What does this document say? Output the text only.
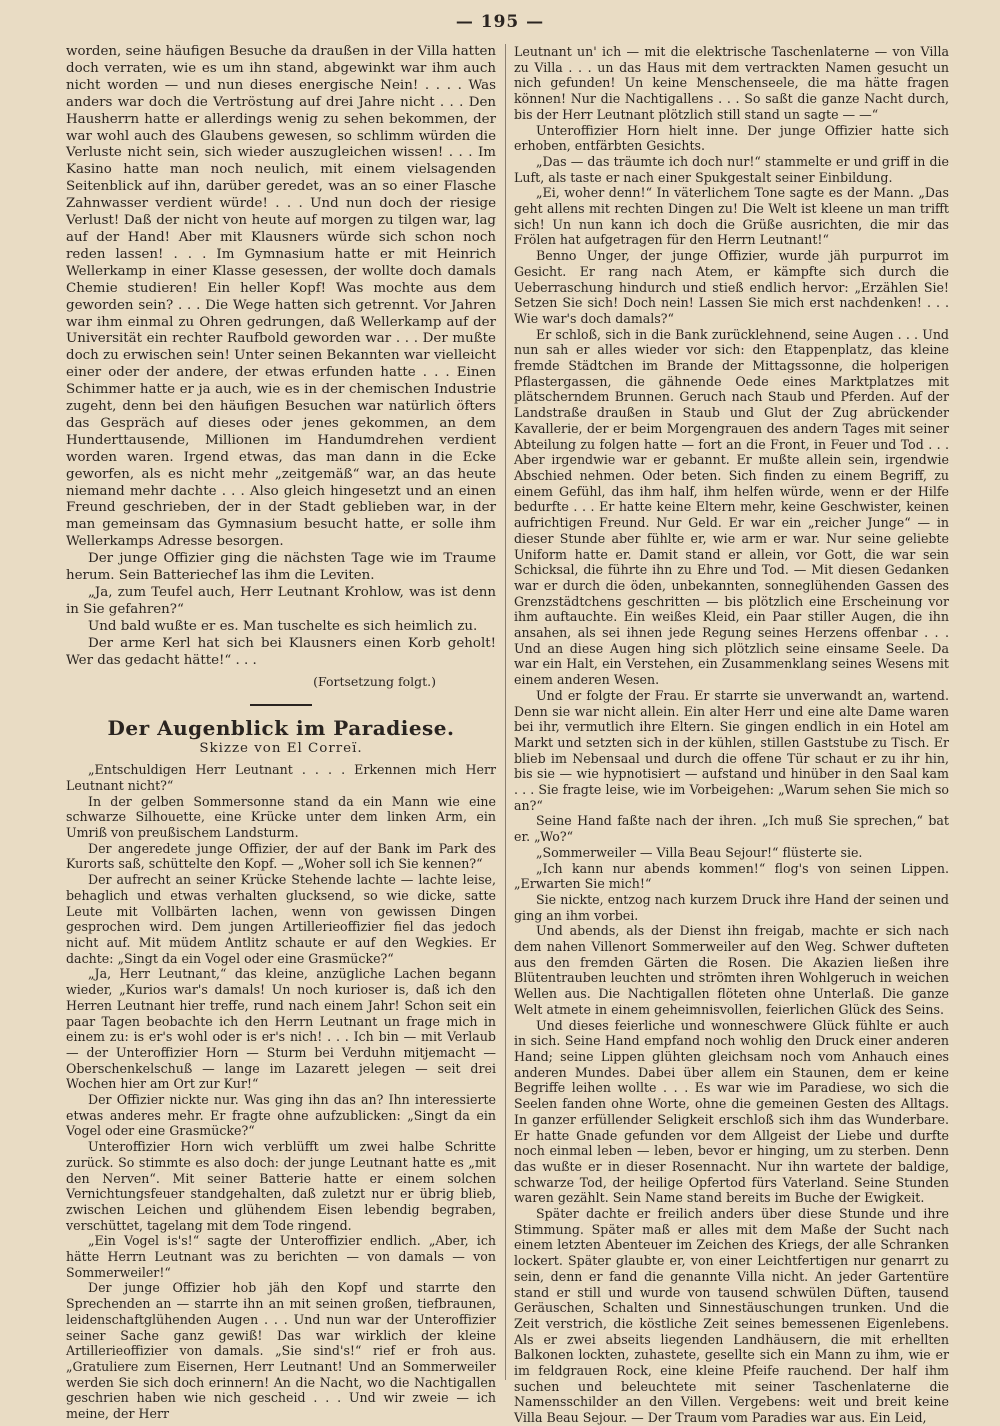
— 195 —

worden, seine häufigen Besuche da draußen in der Villa hatten doch verraten, wie es um ihn stand, abgewinkt war ihm auch nicht worden — und nun dieses energische Nein! . . . . Was anders war doch die Vertröstung auf drei Jahre nicht . . . Den Hausherrn hatte er allerdings wenig zu sehen bekommen, der war wohl auch des Glaubens gewesen, so schlimm würden die Verluste nicht sein, sich wieder auszugleichen wissen! . . . Im Kasino hatte man noch neulich, mit einem vielsagenden Seitenblick auf ihn, darüber geredet, was an so einer Flasche Zahnwasser verdient würde! . . . Und nun doch der riesige Verlust! Daß der nicht von heute auf morgen zu tilgen war, lag auf der Hand! Aber mit Klausners würde sich schon noch reden lassen! . . . Im Gymnasium hatte er mit Heinrich Wellerkamp in einer Klasse gesessen, der wollte doch damals Chemie studieren! Ein heller Kopf! Was mochte aus dem geworden sein? . . . Die Wege hatten sich getrennt. Vor Jahren war ihm einmal zu Ohren gedrungen, daß Wellerkamp auf der Universität ein rechter Raufbold geworden war . . . Der mußte doch zu erwischen sein! Unter seinen Bekannten war vielleicht einer oder der andere, der etwas erfunden hatte . . . Einen Schimmer hatte er ja auch, wie es in der chemischen Industrie zugeht, denn bei den häufigen Besuchen war natürlich öfters das Gespräch auf dieses oder jenes gekommen, an dem Hunderttausende, Millionen im Handumdrehen verdient worden waren. Irgend etwas, das man dann in die Ecke geworfen, als es nicht mehr „zeitgemäß“ war, an das heute niemand mehr dachte . . . Also gleich hingesetzt und an einen Freund geschrieben, der in der Stadt geblieben war, in der man gemeinsam das Gymnasium besucht hatte, er solle ihm Wellerkamps Adresse besorgen.

Der junge Offizier ging die nächsten Tage wie im Traume herum. Sein Batteriechef las ihm die Leviten.

„Ja, zum Teufel auch, Herr Leutnant Krohlow, was ist denn in Sie gefahren?“

Und bald wußte er es. Man tuschelte es sich heimlich zu.

Der arme Kerl hat sich bei Klausners einen Korb geholt! Wer das gedacht hätte!“ . . .

(Fortsetzung folgt.)
Der Augenblick im Paradiese.
Skizze von El Correï.

„Entschuldigen Herr Leutnant . . . . Erkennen mich Herr Leutnant nicht?“

In der gelben Sommersonne stand da ein Mann wie eine schwarze Silhouette, eine Krücke unter dem linken Arm, ein Umriß von preußischem Landsturm.

Der angeredete junge Offizier, der auf der Bank im Park des Kurorts saß, schüttelte den Kopf. — „Woher soll ich Sie kennen?“

Der aufrecht an seiner Krücke Stehende lachte — lachte leise, behaglich und etwas verhalten glucksend, so wie dicke, satte Leute mit Vollbärten lachen, wenn von gewissen Dingen gesprochen wird. Dem jungen Artillerieoffizier fiel das jedoch nicht auf. Mit müdem Antlitz schaute er auf den Wegkies. Er dachte: „Singt da ein Vogel oder eine Grasmücke?“

„Ja, Herr Leutnant,“ das kleine, anzügliche Lachen begann wieder, „Kurios war's damals! Un noch kurioser is, daß ich den Herren Leutnant hier treffe, rund nach einem Jahr! Schon seit ein paar Tagen beobachte ich den Herrn Leutnant un frage mich in einem zu: is er's wohl oder is er's nich! . . . Ich bin — mit Verlaub — der Unteroffizier Horn — Sturm bei Verduhn mitjemacht — Oberschenkelschuß — lange im Lazarett jelegen — seit drei Wochen hier am Ort zur Kur!“

Der Offizier nickte nur. Was ging ihn das an? Ihn interessierte etwas anderes mehr. Er fragte ohne aufzublicken: „Singt da ein Vogel oder eine Grasmücke?“

Unteroffizier Horn wich verblüfft um zwei halbe Schritte zurück. So stimmte es also doch: der junge Leutnant hatte es „mit den Nerven“. Mit seiner Batterie hatte er einem solchen Vernichtungsfeuer standgehalten, daß zuletzt nur er übrig blieb, zwischen Leichen und glühendem Eisen lebendig begraben, verschüttet, tagelang mit dem Tode ringend.

„Ein Vogel is's!“ sagte der Unteroffizier endlich. „Aber, ich hätte Herrn Leutnant was zu berichten — von damals — von Sommerweiler!“

Der junge Offizier hob jäh den Kopf und starrte den Sprechenden an — starrte ihn an mit seinen großen, tiefbraunen, leidenschaftglühenden Augen . . . Und nun war der Unteroffizier seiner Sache ganz gewiß! Das war wirklich der kleine Artillerieoffizier von damals. „Sie sind's!“ rief er froh aus. „Gratuliere zum Eisernen, Herr Leutnant! Und an Sommerweiler werden Sie sich doch erinnern! An die Nacht, wo die Nachtigallen geschrien haben wie nich gescheid . . . Und wir zweie — ich meine, der Herr

Leutnant un' ich — mit die elektrische Taschenlaterne — von Villa zu Villa . . . un das Haus mit dem vertrackten Namen gesucht un nich gefunden! Un keine Menschenseele, die ma hätte fragen können! Nur die Nachtigallens . . . So saßt die ganze Nacht durch, bis der Herr Leutnant plötzlich still stand un sagte — —“

Unteroffizier Horn hielt inne. Der junge Offizier hatte sich erhoben, entfärbten Gesichts.

„Das — das träumte ich doch nur!“ stammelte er und griff in die Luft, als taste er nach einer Spukgestalt seiner Einbildung.

„Ei, woher denn!“ In väterlichem Tone sagte es der Mann. „Das geht allens mit rechten Dingen zu! Die Welt ist kleene un man trifft sich! Un nun kann ich doch die Grüße ausrichten, die mir das Frölen hat aufgetragen für den Herrn Leutnant!“

Benno Unger, der junge Offizier, wurde jäh purpurrot im Gesicht. Er rang nach Atem, er kämpfte sich durch die Ueberraschung hindurch und stieß endlich hervor: „Erzählen Sie! Setzen Sie sich! Doch nein! Lassen Sie mich erst nachdenken! . . . Wie war's doch damals?“

Er schloß, sich in die Bank zurücklehnend, seine Augen . . . Und nun sah er alles wieder vor sich: den Etappenplatz, das kleine fremde Städtchen im Brande der Mittagssonne, die holperigen Pflastergassen, die gähnende Oede eines Marktplatzes mit plätscherndem Brunnen. Geruch nach Staub und Pferden. Auf der Landstraße draußen in Staub und Glut der Zug abrückender Kavallerie, der er beim Morgengrauen des andern Tages mit seiner Abteilung zu folgen hatte — fort an die Front, in Feuer und Tod . . . Aber irgendwie war er gebannt. Er mußte allein sein, irgendwie Abschied nehmen. Oder beten. Sich finden zu einem Begriff, zu einem Gefühl, das ihm half, ihm helfen würde, wenn er der Hilfe bedurfte . . . Er hatte keine Eltern mehr, keine Geschwister, keinen aufrichtigen Freund. Nur Geld. Er war ein „reicher Junge“ — in dieser Stunde aber fühlte er, wie arm er war. Nur seine geliebte Uniform hatte er. Damit stand er allein, vor Gott, die war sein Schicksal, die führte ihn zu Ehre und Tod. — Mit diesen Gedanken war er durch die öden, unbekannten, sonneglühenden Gassen des Grenzstädtchens geschritten — bis plötzlich eine Erscheinung vor ihm auftauchte. Ein weißes Kleid, ein Paar stiller Augen, die ihn ansahen, als sei ihnen jede Regung seines Herzens offenbar . . . Und an diese Augen hing sich plötzlich seine einsame Seele. Da war ein Halt, ein Verstehen, ein Zusammenklang seines Wesens mit einem anderen Wesen.

Und er folgte der Frau. Er starrte sie unverwandt an, wartend. Denn sie war nicht allein. Ein alter Herr und eine alte Dame waren bei ihr, vermutlich ihre Eltern. Sie gingen endlich in ein Hotel am Markt und setzten sich in der kühlen, stillen Gaststube zu Tisch. Er blieb im Nebensaal und durch die offene Tür schaut er zu ihr hin, bis sie — wie hypnotisiert — aufstand und hinüber in den Saal kam . . . Sie fragte leise, wie im Vorbeigehen: „Warum sehen Sie mich so an?“

Seine Hand faßte nach der ihren. „Ich muß Sie sprechen,“ bat er. „Wo?“

„Sommerweiler — Villa Beau Sejour!“ flüsterte sie.

„Ich kann nur abends kommen!“ flog's von seinen Lippen. „Erwarten Sie mich!“

Sie nickte, entzog nach kurzem Druck ihre Hand der seinen und ging an ihm vorbei.

Und abends, als der Dienst ihn freigab, machte er sich nach dem nahen Villenort Sommerweiler auf den Weg. Schwer dufteten aus den fremden Gärten die Rosen. Die Akazien ließen ihre Blütentrauben leuchten und strömten ihren Wohlgeruch in weichen Wellen aus. Die Nachtigallen flöteten ohne Unterlaß. Die ganze Welt atmete in einem geheimnisvollen, feierlichen Glück des Seins.

Und dieses feierliche und wonneschwere Glück fühlte er auch in sich. Seine Hand empfand noch wohlig den Druck einer anderen Hand; seine Lippen glühten gleichsam noch vom Anhauch eines anderen Mundes. Dabei über allem ein Staunen, dem er keine Begriffe leihen wollte . . . Es war wie im Paradiese, wo sich die Seelen fanden ohne Worte, ohne die gemeinen Gesten des Alltags. In ganzer erfüllender Seligkeit erschloß sich ihm das Wunderbare. Er hatte Gnade gefunden vor dem Allgeist der Liebe und durfte noch einmal leben — leben, bevor er hinging, um zu sterben. Denn das wußte er in dieser Rosennacht. Nur ihn wartete der baldige, schwarze Tod, der heilige Opfertod fürs Vaterland. Seine Stunden waren gezählt. Sein Name stand bereits im Buche der Ewigkeit.

Später dachte er freilich anders über diese Stunde und ihre Stimmung. Später maß er alles mit dem Maße der Sucht nach einem letzten Abenteuer im Zeichen des Kriegs, der alle Schranken lockert. Später glaubte er, von einer Leichtfertigen nur genarrt zu sein, denn er fand die genannte Villa nicht. An jeder Gartentüre stand er still und wurde von tausend schwülen Düften, tausend Geräuschen, Schalten und Sinnestäuschungen trunken. Und die Zeit verstrich, die köstliche Zeit seines bemessenen Eigenlebens. Als er zwei abseits liegenden Landhäusern, die mit erhellten Balkonen lockten, zuhastete, gesellte sich ein Mann zu ihm, wie er im feldgrauen Rock, eine kleine Pfeife rauchend. Der half ihm suchen und beleuchtete mit seiner Taschenlaterne die Namensschilder an den Villen. Vergebens: weit und breit keine Villa Beau Sejour. — Der Traum vom Paradies war aus. Ein Leid,
